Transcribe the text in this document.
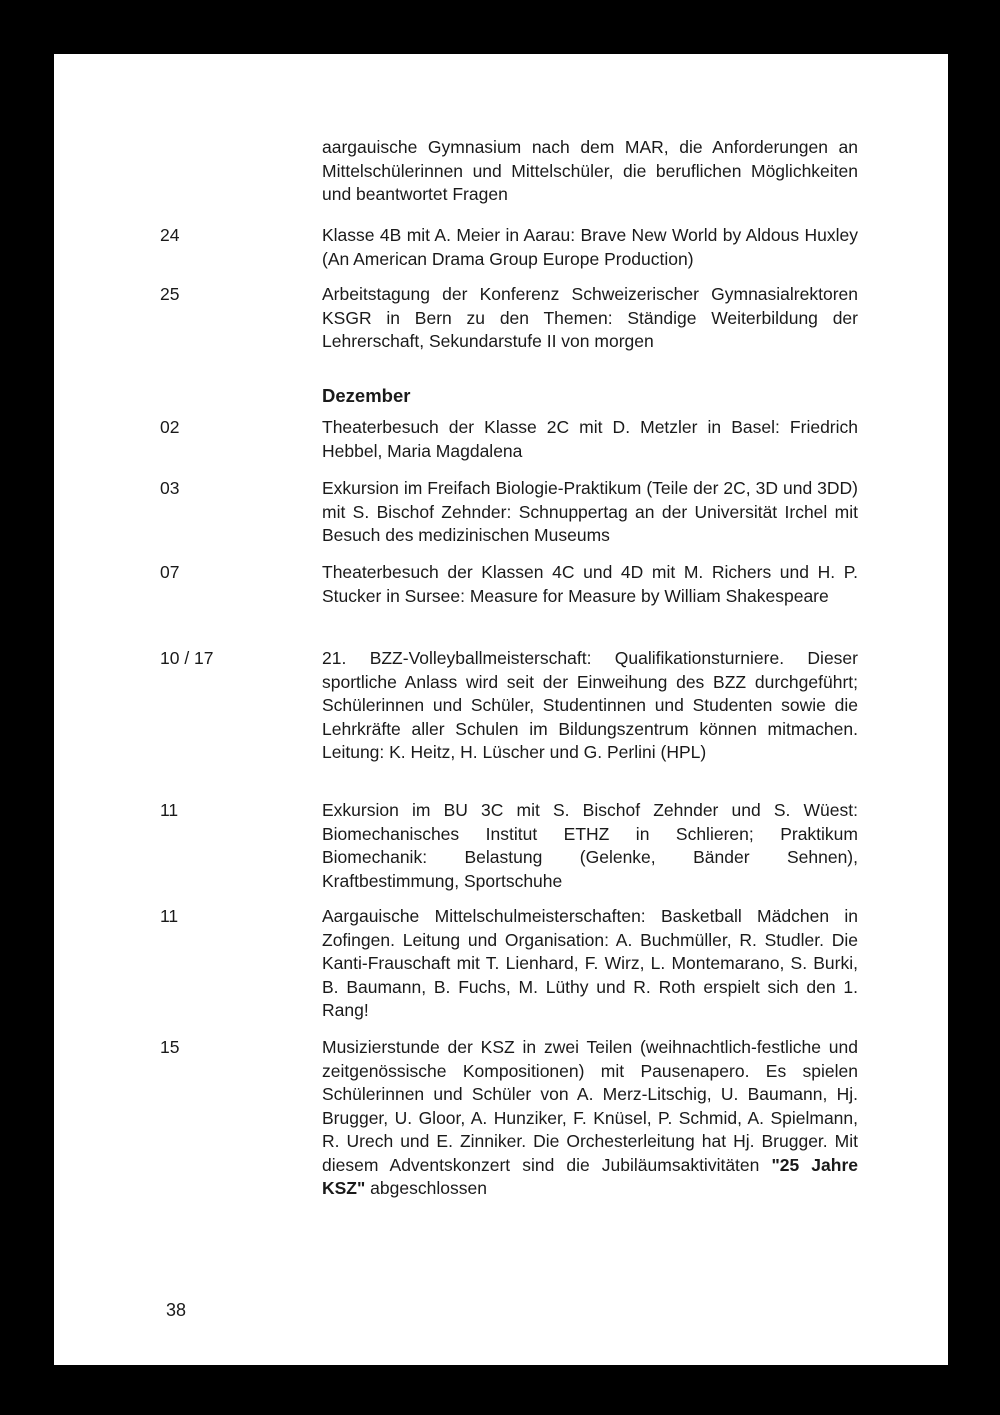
aargauische Gymnasium nach dem MAR, die Anforderungen an Mittelschülerinnen und Mittelschüler, die beruflichen Möglichkeiten und beantwortet Fragen
24	Klasse 4B mit A. Meier in Aarau: Brave New World by Aldous Huxley (An American Drama Group Europe Production)
25	Arbeitstagung der Konferenz Schweizerischer Gymnasialrektoren KSGR in Bern zu den Themen: Ständige Weiterbildung der Lehrerschaft, Sekundarstufe II von morgen
Dezember
02	Theaterbesuch der Klasse 2C mit D. Metzler in Basel: Friedrich Hebbel, Maria Magdalena
03	Exkursion im Freifach Biologie-Praktikum (Teile der 2C, 3D und 3DD) mit S. Bischof Zehnder: Schnuppertag an der Universität Irchel mit Besuch des medizinischen Museums
07	Theaterbesuch der Klassen 4C und 4D mit M. Richers und H. P. Stucker in Sursee: Measure for Measure by William Shakespeare
10 / 17	21. BZZ-Volleyballmeisterschaft: Qualifikationsturniere. Dieser sportliche Anlass wird seit der Einweihung des BZZ durchgeführt; Schülerinnen und Schüler, Studentinnen und Studenten sowie die Lehrkräfte aller Schulen im Bildungszentrum können mitmachen. Leitung: K. Heitz, H. Lüscher und G. Perlini (HPL)
11	Exkursion im BU 3C mit S. Bischof Zehnder und S. Wüest: Biomechanisches Institut ETHZ in Schlieren; Praktikum Biomechanik: Belastung (Gelenke, Bänder Sehnen), Kraftbestimmung, Sportschuhe
11	Aargauische Mittelschulmeisterschaften: Basketball Mädchen in Zofingen. Leitung und Organisation: A. Buchmüller, R. Studler. Die Kanti-Frauschaft mit T. Lienhard, F. Wirz, L. Montemarano, S. Burki, B. Baumann, B. Fuchs, M. Lüthy und R. Roth erspielt sich den 1. Rang!
15	Musizierstunde der KSZ in zwei Teilen (weihnachtlich-festliche und zeitgenössische Kompositionen) mit Pausenapero. Es spielen Schülerinnen und Schüler von A. Merz-Litschig, U. Baumann, Hj. Brugger, U. Gloor, A. Hunziker, F. Knüsel, P. Schmid, A. Spielmann, R. Urech und E. Zinniker. Die Orchesterleitung hat Hj. Brugger. Mit diesem Adventskonzert sind die Jubiläumsaktivitäten "25 Jahre KSZ" abgeschlossen
38
